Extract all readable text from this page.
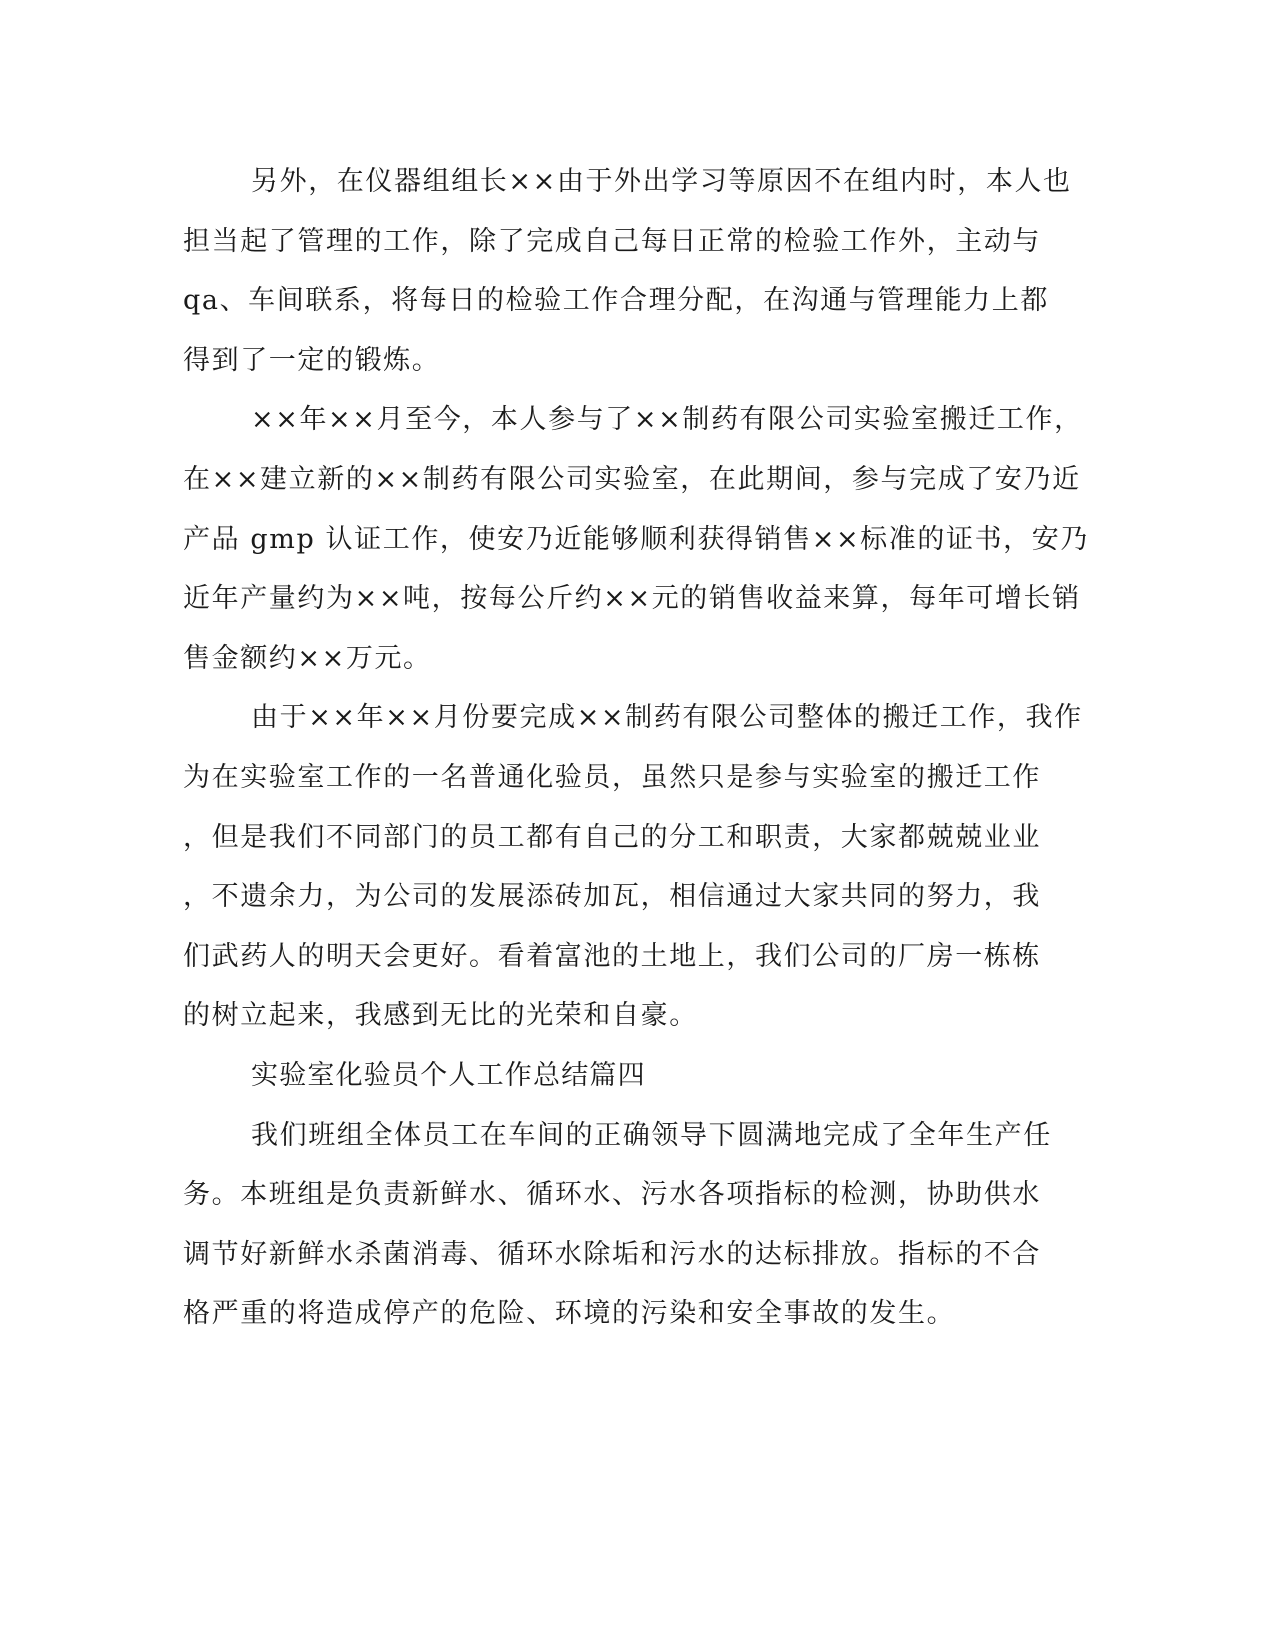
另外，在仪器组组长××由于外出学习等原因不在组内时，本人也
担当起了管理的工作，除了完成自己每日正常的检验工作外，主动与
qa、车间联系，将每日的检验工作合理分配，在沟通与管理能力上都
得到了一定的锻炼。
××年××月至今，本人参与了××制药有限公司实验室搬迁工作，
在××建立新的××制药有限公司实验室，在此期间，参与完成了安乃近
产品 gmp 认证工作，使安乃近能够顺利获得销售××标准的证书，安乃
近年产量约为××吨，按每公斤约××元的销售收益来算，每年可增长销
售金额约××万元。
由于××年××月份要完成××制药有限公司整体的搬迁工作，我作
为在实验室工作的一名普通化验员，虽然只是参与实验室的搬迁工作
，但是我们不同部门的员工都有自己的分工和职责，大家都兢兢业业
，不遗余力，为公司的发展添砖加瓦，相信通过大家共同的努力，我
们武药人的明天会更好。看着富池的土地上，我们公司的厂房一栋栋
的树立起来，我感到无比的光荣和自豪。
实验室化验员个人工作总结篇四
我们班组全体员工在车间的正确领导下圆满地完成了全年生产任
务。本班组是负责新鲜水、循环水、污水各项指标的检测，协助供水
调节好新鲜水杀菌消毒、循环水除垢和污水的达标排放。指标的不合
格严重的将造成停产的危险、环境的污染和安全事故的发生。
